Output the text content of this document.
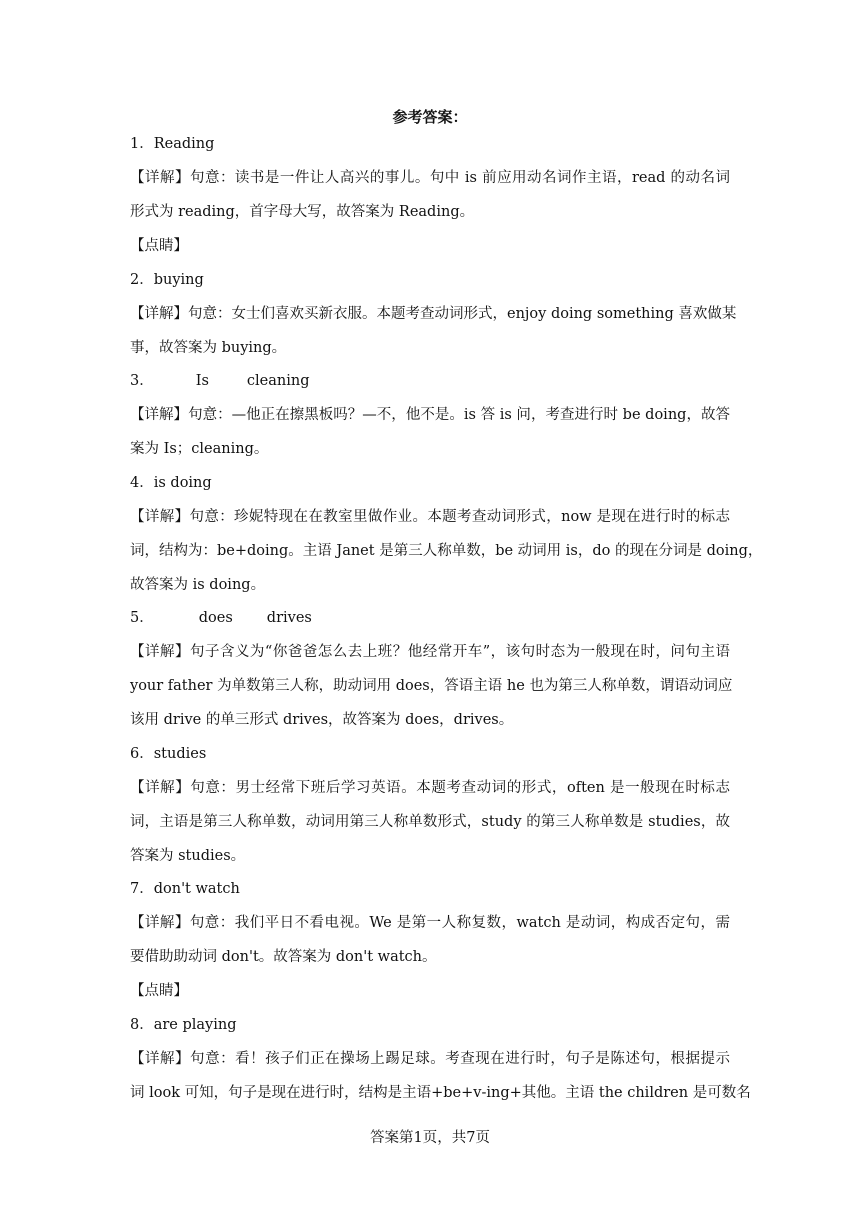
参考答案：
1．Reading
【详解】句意：读书是一件让人高兴的事儿。句中 is 前应用动名词作主语，read 的动名词
形式为 reading，首字母大写，故答案为 Reading。
【点睛】
2．buying
【详解】句意：女士们喜欢买新衣服。本题考查动词形式，enjoy doing something 喜欢做某
事，故答案为 buying。
3．	Is	cleaning
【详解】句意：—他正在擦黑板吗？—不，他不是。is 答 is 问，考查进行时 be doing，故答
案为 Is；cleaning。
4．is doing
【详解】句意：珍妮特现在在教室里做作业。本题考查动词形式，now 是现在进行时的标志
词，结构为：be+doing。主语 Janet 是第三人称单数，be 动词用 is，do 的现在分词是 doing，
故答案为 is doing。
5．	does drives
【详解】句子含义为“你爸爸怎么去上班？他经常开车”，该句时态为一般现在时，问句主语
your father 为单数第三人称，助动词用 does，答语主语 he 也为第三人称单数，谓语动词应
该用 drive 的单三形式 drives，故答案为 does，drives。
6．studies
【详解】句意：男士经常下班后学习英语。本题考查动词的形式，often 是一般现在时标志
词，主语是第三人称单数，动词用第三人称单数形式，study 的第三人称单数是 studies，故
答案为 studies。
7．don't watch
【详解】句意：我们平日不看电视。We 是第一人称复数，watch 是动词，构成否定句，需
要借助助动词 don't。故答案为 don't watch。
【点睛】
8．are playing
【详解】句意：看！孩子们正在操场上踢足球。考查现在进行时，句子是陈述句，根据提示
词 look 可知，句子是现在进行时，结构是主语+be+v-ing+其他。主语 the children 是可数名
答案第1页，共7页
